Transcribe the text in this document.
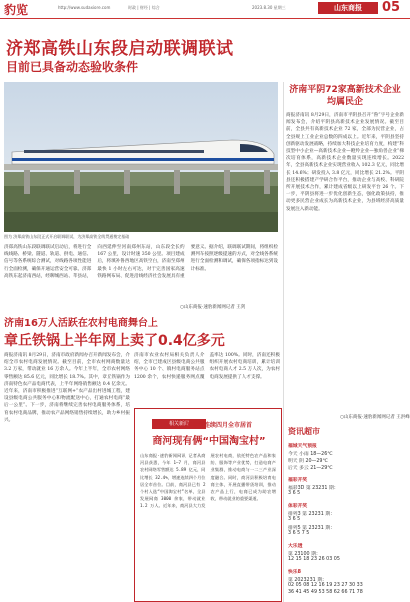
豹览	http://www.sudaxiore.com	时政 | 财经 | 综合	2023.8.30 星期三	山东商报	05
济郑高铁山东段启动联调联试
目前已具备动态验收条件
图为 济郑高铁山东段正式开启联调联试，为济郑高铁全线贯通奠定基础
济郑高铁山东段联调联试启动后，将进行全线线路、桥梁、隧道、轨道、供电、通信、信号等各系统综合测试，对线路各项性能进行全面检测，确保开通运营安全可靠。济郑高铁东起济南西站，经聊城西站、莘县站，向西延伸至河南郑州东站，山东段全长约 167 公里，设计时速 350 公里。项目建成后，将填补鲁西地区高铁空白，济南至郑州最快 1 小时左右可达，对于完善国家高速铁路网布局、促进沿线经济社会发展具有重要意义。据介绍，联调联试期间，将组织检测列车按照逐级提速的方式，对全线各系统进行全面检测和调试，确保各项指标达到设计标准。
○山东商报·速豹新闻网记者 王剑
济南平阴72家高新技术企业均属民企
商报济南讯 8月29日，济南市平阴县召开“鲁”字号企业新闻发布会，介绍平阴县高新技术企业发展情况。截至目前，全县共有高新技术企业 72 家，全部为民营企业，占全县规上工业企业总数的四成以上。近年来，平阴县坚持创新驱动发展战略，持续加大科技企业培育力度，构建“科技型中小企业—高新技术企业—瞪羚企业—独角兽企业”梯次培育体系，高新技术企业数量实现连续增长。2022 年，全县高新技术企业实现营业收入 102.3 亿元，同比增长 14.6%；研发投入 3.8 亿元，同比增长 21.2%。平阴县还积极搭建产学研合作平台，推动企业与高校、科研院所开展技术合作，累计建成省级以上研发平台 26 个。下一步，平阴县将进一步优化创新生态，强化政策扶持，推动更多民营企业成长为高新技术企业，为县域经济高质量发展注入新动能。
○山东商报·速豹新闻网记者 王洪峰
济南16万人活跃在农村电商舞台上
章丘铁锅上半年网上卖了0.4亿多元
商报济南讯 8月29日，济南市政府新闻办召开新闻发布会，介绍全市农村电商发展情况。截至目前，全市农村网商数量达 3.2 万家，带动就业 16 万余人。今年上半年，全市农村网络零售额达 85.6 亿元，同比增长 18.7%。其中，章丘铁锅作为济南特色农产品电商代表，上半年网络销售额达 0.4 亿余元。近年来，济南市积极推进“互联网+”农产品出村进城工程，建设县级电商公共服务中心和物流配送中心，打通农村电商“最后一公里”。下一步，济南将继续完善农村电商服务体系，培育农村电商品牌，推动农产品网络销售持续增长，助力乡村振兴。
济南市农业农村局相关负责人介绍，全市已建成区县级电商公共服务中心 10 个、镇村电商服务站点 1200 余个，农村快递服务网点覆盖率达 100%。同时，济南还积极组织开展农村电商培训，累计培训农村电商人才 2.5 万人次，为农村电商发展提供了人才支撑。
相关新闻
网零额连续四月全市居首
商河现有俩“中国淘宝村”
山东商报·速豹新闻网讯 记者从商河县获悉，今年 1—7 月，商河县农村网络零售额达 5.89 亿元，同比增长 32.4%，增速连续四个月位居全市首位。目前，商河县已有 2 个村入选“中国淘宝村”名单，全县发展网商 3000 余家，带动就业 1.2 万人。近年来，商河县大力发展农村电商，依托特色农产品和家纺、服饰等产业优势，打造电商产业集群，推动电商与一二三产业深度融合。同时，商河县积极培育电商主体，开展直播带货培训，推动农产品上行，电商已成为助农增收、带动就业的重要渠道。
资讯超市
福城天气预报
今天 小雨 18—26℃
明天 阴 20—29℃
后天 多云 21—29℃
福彩开奖
福彩3D 第 23231 期：
3 6 5
体彩开奖
排列3 第 23231 期：
3 6 5
排列5 第 23231 期：
3 6 5 7 5
大乐透
第 23100 期：
12 15 18 23 26 03 05
快乐8
第 2023231 期：
02 05 08 12 16 19 23 27 30 33
36 41 45 49 53 58 62 66 71 78
